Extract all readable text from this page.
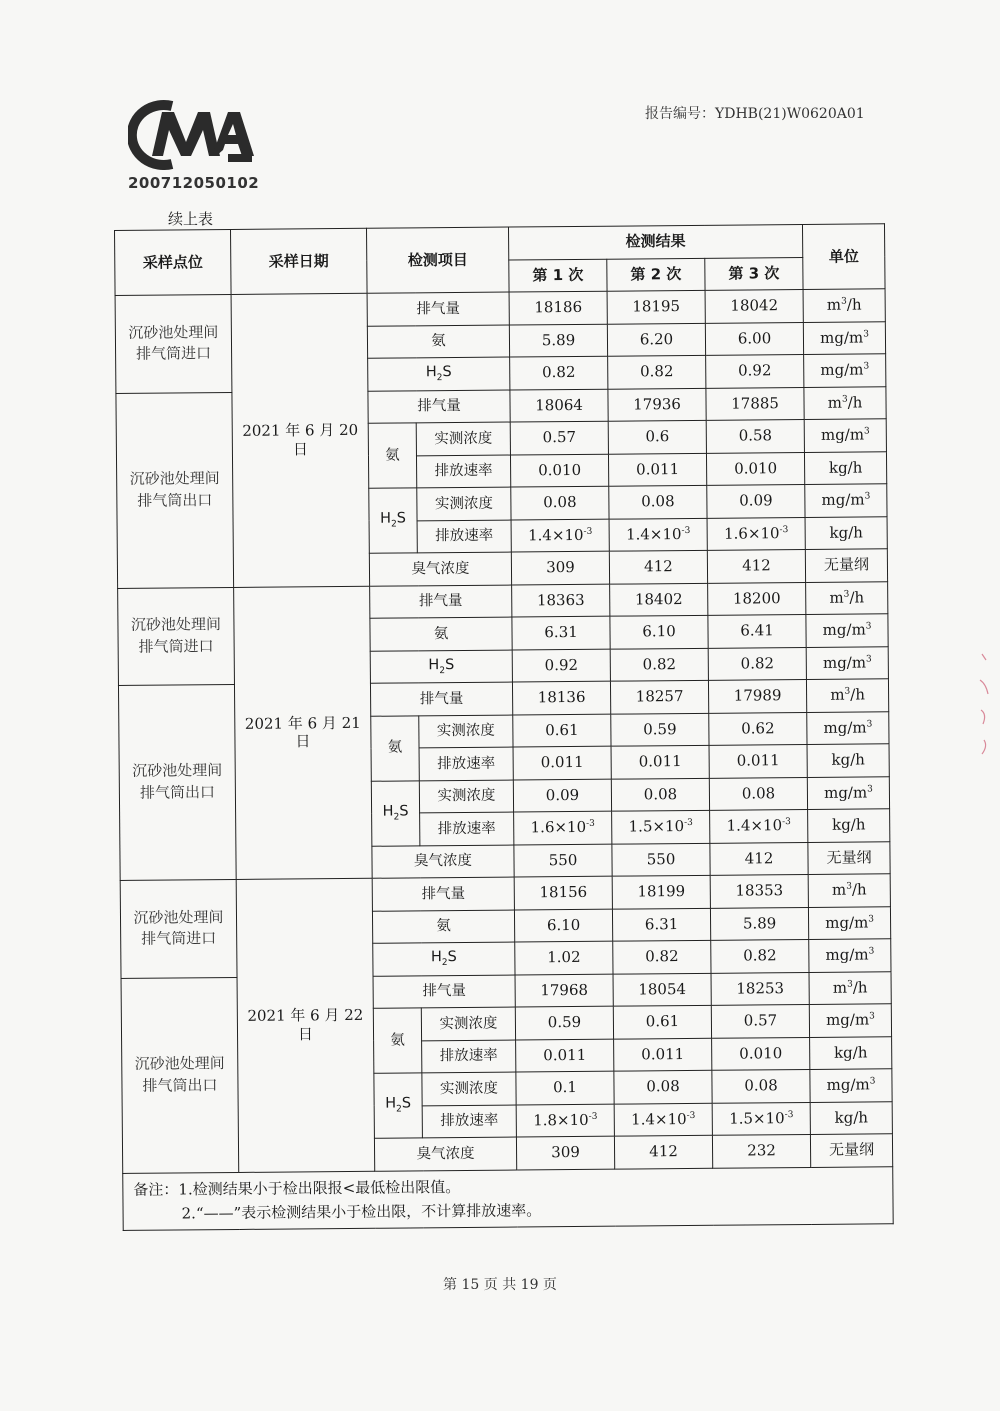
200712050102
报告编号：YDHB(21)W0620A01
续上表
采样点位	采样日期	检测项目		检测结果			单位
				第 1 次	第 2 次	第 3 次	
沉砂池处理间排气筒进口	2021 年 6 月 20 日	排气量		18186	18195	18042	$m^3/h$
		氨		5.89	6.20	6.00	$mg/m^3$
		$H_2S$		0.82	0.82	0.92	$mg/m^3$
沉砂池处理间排气筒出口		排气量		18064	17936	17885	$m^3/h$
		氨	实测浓度	0.57	0.6	0.58	$mg/m^3$
			排放速率	0.010	0.011	0.010	kg/h
		$H_2S$	实测浓度	0.08	0.08	0.09	$mg/m^3$
			排放速率	$1.4\times 10^{-3}$	$1.4\times 10^{-3}$	$1.6\times 10^{-3}$	kg/h
		臭气浓度		309	412	412	无量纲
沉砂池处理间排气筒进口	2021 年 6 月 21 日	排气量		18363	18402	18200	$m^3/h$
		氨		6.31	6.10	6.41	$mg/m^3$
		$H_2S$		0.92	0.82	0.82	$mg/m^3$
沉砂池处理间排气筒出口		排气量		18136	18257	17989	$m^3/h$
		氨	实测浓度	0.61	0.59	0.62	$mg/m^3$
			排放速率	0.011	0.011	0.011	kg/h
		$H_2S$	实测浓度	0.09	0.08	0.08	$mg/m^3$
			排放速率	$1.6\times 10^{-3}$	$1.5\times 10^{-3}$	$1.4\times 10^{-3}$	kg/h
		臭气浓度		550	550	412	无量纲
沉砂池处理间排气筒进口	2021 年 6 月 22 日	排气量		18156	18199	18353	$m^3/h$
		氨		6.10	6.31	5.89	$mg/m^3$
		$H_2S$		1.02	0.82	0.82	$mg/m^3$
沉砂池处理间排气筒出口		排气量		17968	18054	18253	$m^3/h$
		氨	实测浓度	0.59	0.61	0.57	$mg/m^3$
			排放速率	0.011	0.011	0.010	kg/h
		$H_2S$	实测浓度	0.1	0.08	0.08	$mg/m^3$
			排放速率	$1.8\times 10^{-3}$	$1.4\times 10^{-3}$	$1.5\times 10^{-3}$	kg/h
		臭气浓度		309	412	232	无量纲

备注：1.检测结果小于检出限报<最低检出限值。
2.“——”表示检测结果小于检出限，不计算排放速率。							
第 15 页 共 19 页
